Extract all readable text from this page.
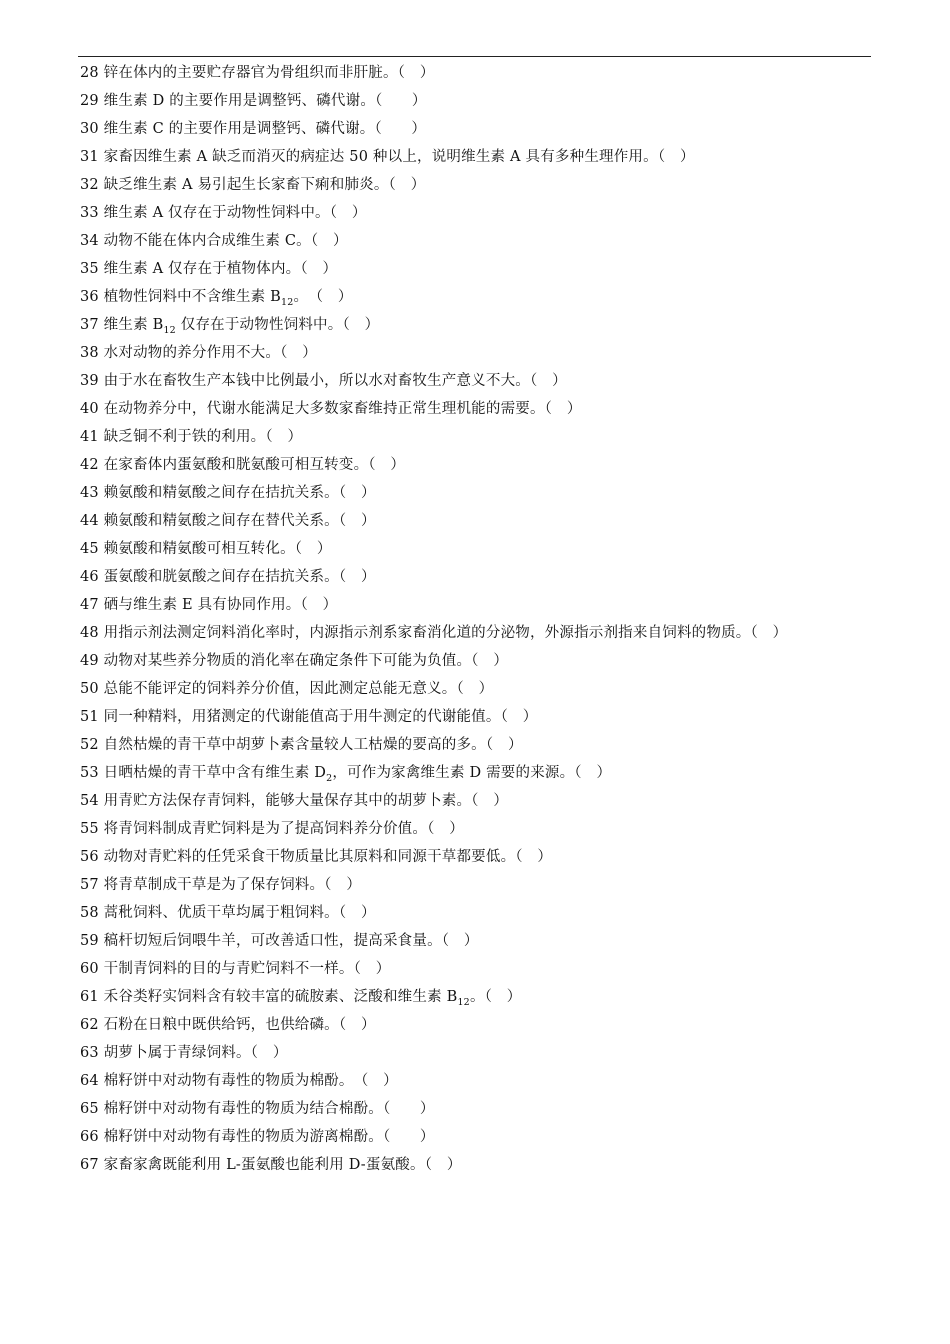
28 锌在体内的主要贮存器官为骨组织而非肝脏。（　）
29 维生素 D 的主要作用是调整钙、磷代谢。（　　）
30 维生素 C 的主要作用是调整钙、磷代谢。（　　）
31 家畜因维生素 A 缺乏而消灭的病症达 50 种以上，说明维生素 A 具有多种生理作用。（　）
32 缺乏维生素 A 易引起生长家畜下痢和肺炎。（　）
33 维生素 A 仅存在于动物性饲料中。（　）
34 动物不能在体内合成维生素 C。（　）
35 维生素 A 仅存在于植物体内。（　）
36 植物性饲料中不含维生素 $B_{12}$。　（　）
37 维生素 $B_{12}$ 仅存在于动物性饲料中。（　）
38 水对动物的养分作用不大。（　）
39 由于水在畜牧生产本钱中比例最小，所以水对畜牧生产意义不大。（　）
40 在动物养分中，代谢水能满足大多数家畜维持正常生理机能的需要。（　）
41 缺乏铜不利于铁的利用。（　）
42 在家畜体内蛋氨酸和胱氨酸可相互转变。（　）
43 赖氨酸和精氨酸之间存在拮抗关系。（　）
44 赖氨酸和精氨酸之间存在替代关系。（　）
45 赖氨酸和精氨酸可相互转化。（　）
46 蛋氨酸和胱氨酸之间存在拮抗关系。（　）
47 硒与维生素 E 具有协同作用。（　）
48 用指示剂法测定饲料消化率时，内源指示剂系家畜消化道的分泌物，外源指示剂指来自饲料的物质。（　）
49 动物对某些养分物质的消化率在确定条件下可能为负值。（　）
50 总能不能评定的饲料养分价值，因此测定总能无意义。（　）
51 同一种精料，用猪测定的代谢能值高于用牛测定的代谢能值。（　）
52 自然枯燥的青干草中胡萝卜素含量较人工枯燥的要高的多。（　）
53 日晒枯燥的青干草中含有维生素 $D_2$，可作为家禽维生素 D 需要的来源。（　）
54 用青贮方法保存青饲料，能够大量保存其中的胡萝卜素。（　）
55 将青饲料制成青贮饲料是为了提高饲料养分价值。（　）
56 动物对青贮料的任凭采食干物质量比其原料和同源干草都要低。（　）
57 将青草制成干草是为了保存饲料。（　）
58 蒿秕饲料、优质干草均属于粗饲料。（　）
59 稿杆切短后饲喂牛羊，可改善适口性，提高采食量。（　）
60 干制青饲料的目的与青贮饲料不一样。（　）
61 禾谷类籽实饲料含有较丰富的硫胺素、泛酸和维生素 $B_{12}$。（　）
62 石粉在日粮中既供给钙，也供给磷。（　）
63 胡萝卜属于青绿饲料。（　）
64 棉籽饼中对动物有毒性的物质为棉酚。　（　）
65 棉籽饼中对动物有毒性的物质为结合棉酚。（　　）
66 棉籽饼中对动物有毒性的物质为游离棉酚。（　　）
67 家畜家禽既能利用 L-蛋氨酸也能利用 D-蛋氨酸。（　）
